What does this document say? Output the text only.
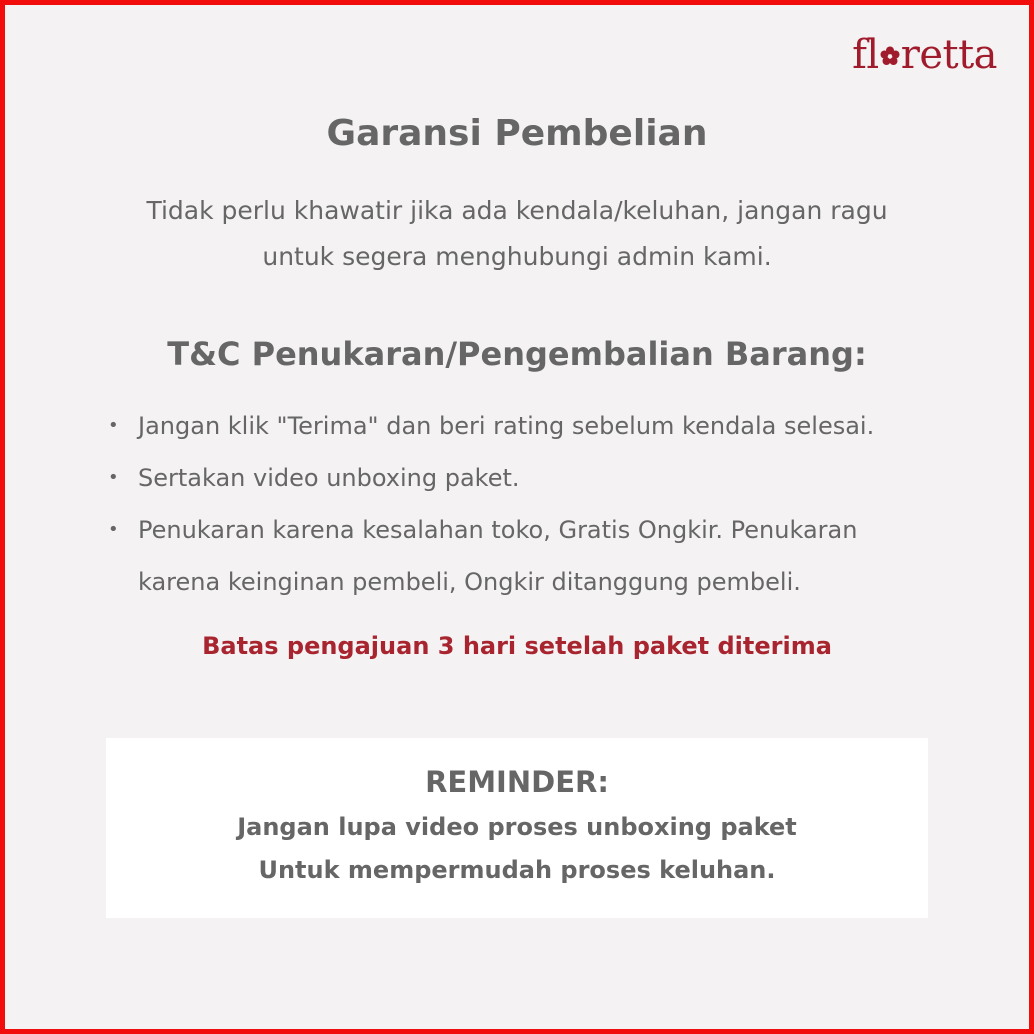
fl retta
Garansi Pembelian
Tidak perlu khawatir jika ada kendala/keluhan, jangan ragu
untuk segera menghubungi admin kami.
T&C Penukaran/Pengembalian Barang:
• Jangan klik "Terima" dan beri rating sebelum kendala selesai.
• Sertakan video unboxing paket.
• Penukaran karena kesalahan toko, Gratis Ongkir. Penukaran
karena keinginan pembeli, Ongkir ditanggung pembeli.
Batas pengajuan 3 hari setelah paket diterima
REMINDER:
Jangan lupa video proses unboxing paket
Untuk mempermudah proses keluhan.
